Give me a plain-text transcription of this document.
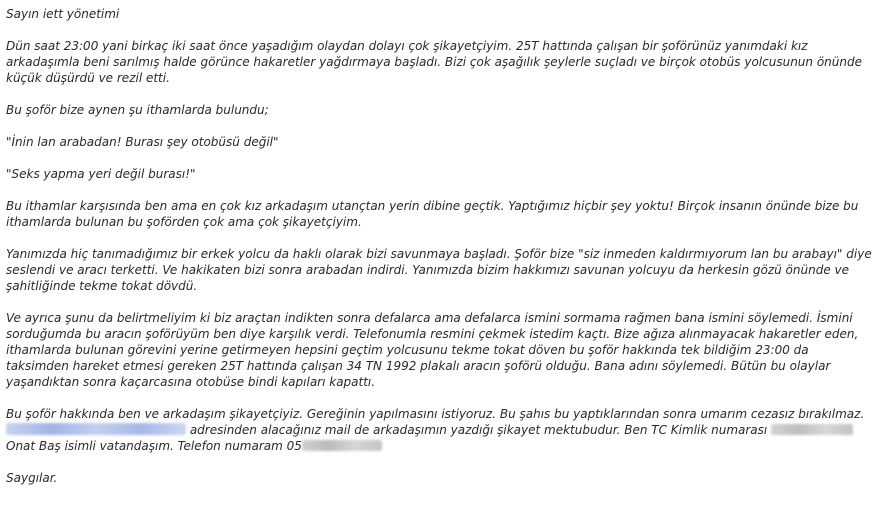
Sayın iett yönetimi

Dün saat 23:00 yani birkaç iki saat önce yaşadığım olaydan dolayı çok şikayetçiyim. 25T hattında çalışan bir şoförünüz yanımdaki kız arkadaşımla beni sarılmış halde görünce hakaretler yağdırmaya başladı. Bizi çok aşağılık şeylerle suçladı ve birçok otobüs yolcusunun önünde küçük düşürdü ve rezil etti.

Bu şoför bize aynen şu ithamlarda bulundu;

"İnin lan arabadan! Burası şey otobüsü değil"

"Seks yapma yeri değil burası!"

Bu ithamlar karşısında ben ama en çok kız arkadaşım utançtan yerin dibine geçtik. Yaptığımız hiçbir şey yoktu! Birçok insanın önünde bize bu ithamlarda bulunan bu şoförden çok ama çok şikayetçiyim.

Yanımızda hiç tanımadığımız bir erkek yolcu da haklı olarak bizi savunmaya başladı. Şoför bize "siz inmeden kaldırmıyorum lan bu arabayı" diye seslendi ve aracı terketti. Ve hakikaten bizi sonra arabadan indirdi. Yanımızda bizim hakkımızı savunan yolcuyu da herkesin gözü önünde ve şahitliğinde tekme tokat dövdü.

Ve ayrıca şunu da belirtmeliyim ki biz araçtan indikten sonra defalarca ama defalarca ismini sormama rağmen bana ismini söylemedi. İsmini sorduğumda bu aracın şoförüyüm ben diye karşılık verdi. Telefonumla resmini çekmek istedim kaçtı. Bize ağıza alınmayacak hakaretler eden, ithamlarda bulunan görevini yerine getirmeyen hepsini geçtim yolcusunu tekme tokat döven bu şoför hakkında tek bildiğim 23:00 da taksimden hareket etmesi gereken 25T hattında çalışan 34 TN 1992 plakalı aracın şoförü olduğu. Bana adını söylemedi. Bütün bu olaylar yaşandıktan sonra kaçarcasına otobüse bindi kapıları kapattı.

Bu şoför hakkında ben ve arkadaşım şikayetçiyiz. Gereğinin yapılmasını istiyoruz. Bu şahıs bu yaptıklarından sonra umarım cezasız bırakılmaz.
adresinden alacağınız mail de arkadaşımın yazdığı şikayet mektubudur. Ben TC Kimlik numarası
Onat Baş isimli vatandaşım. Telefon numaram 05

Saygılar.
